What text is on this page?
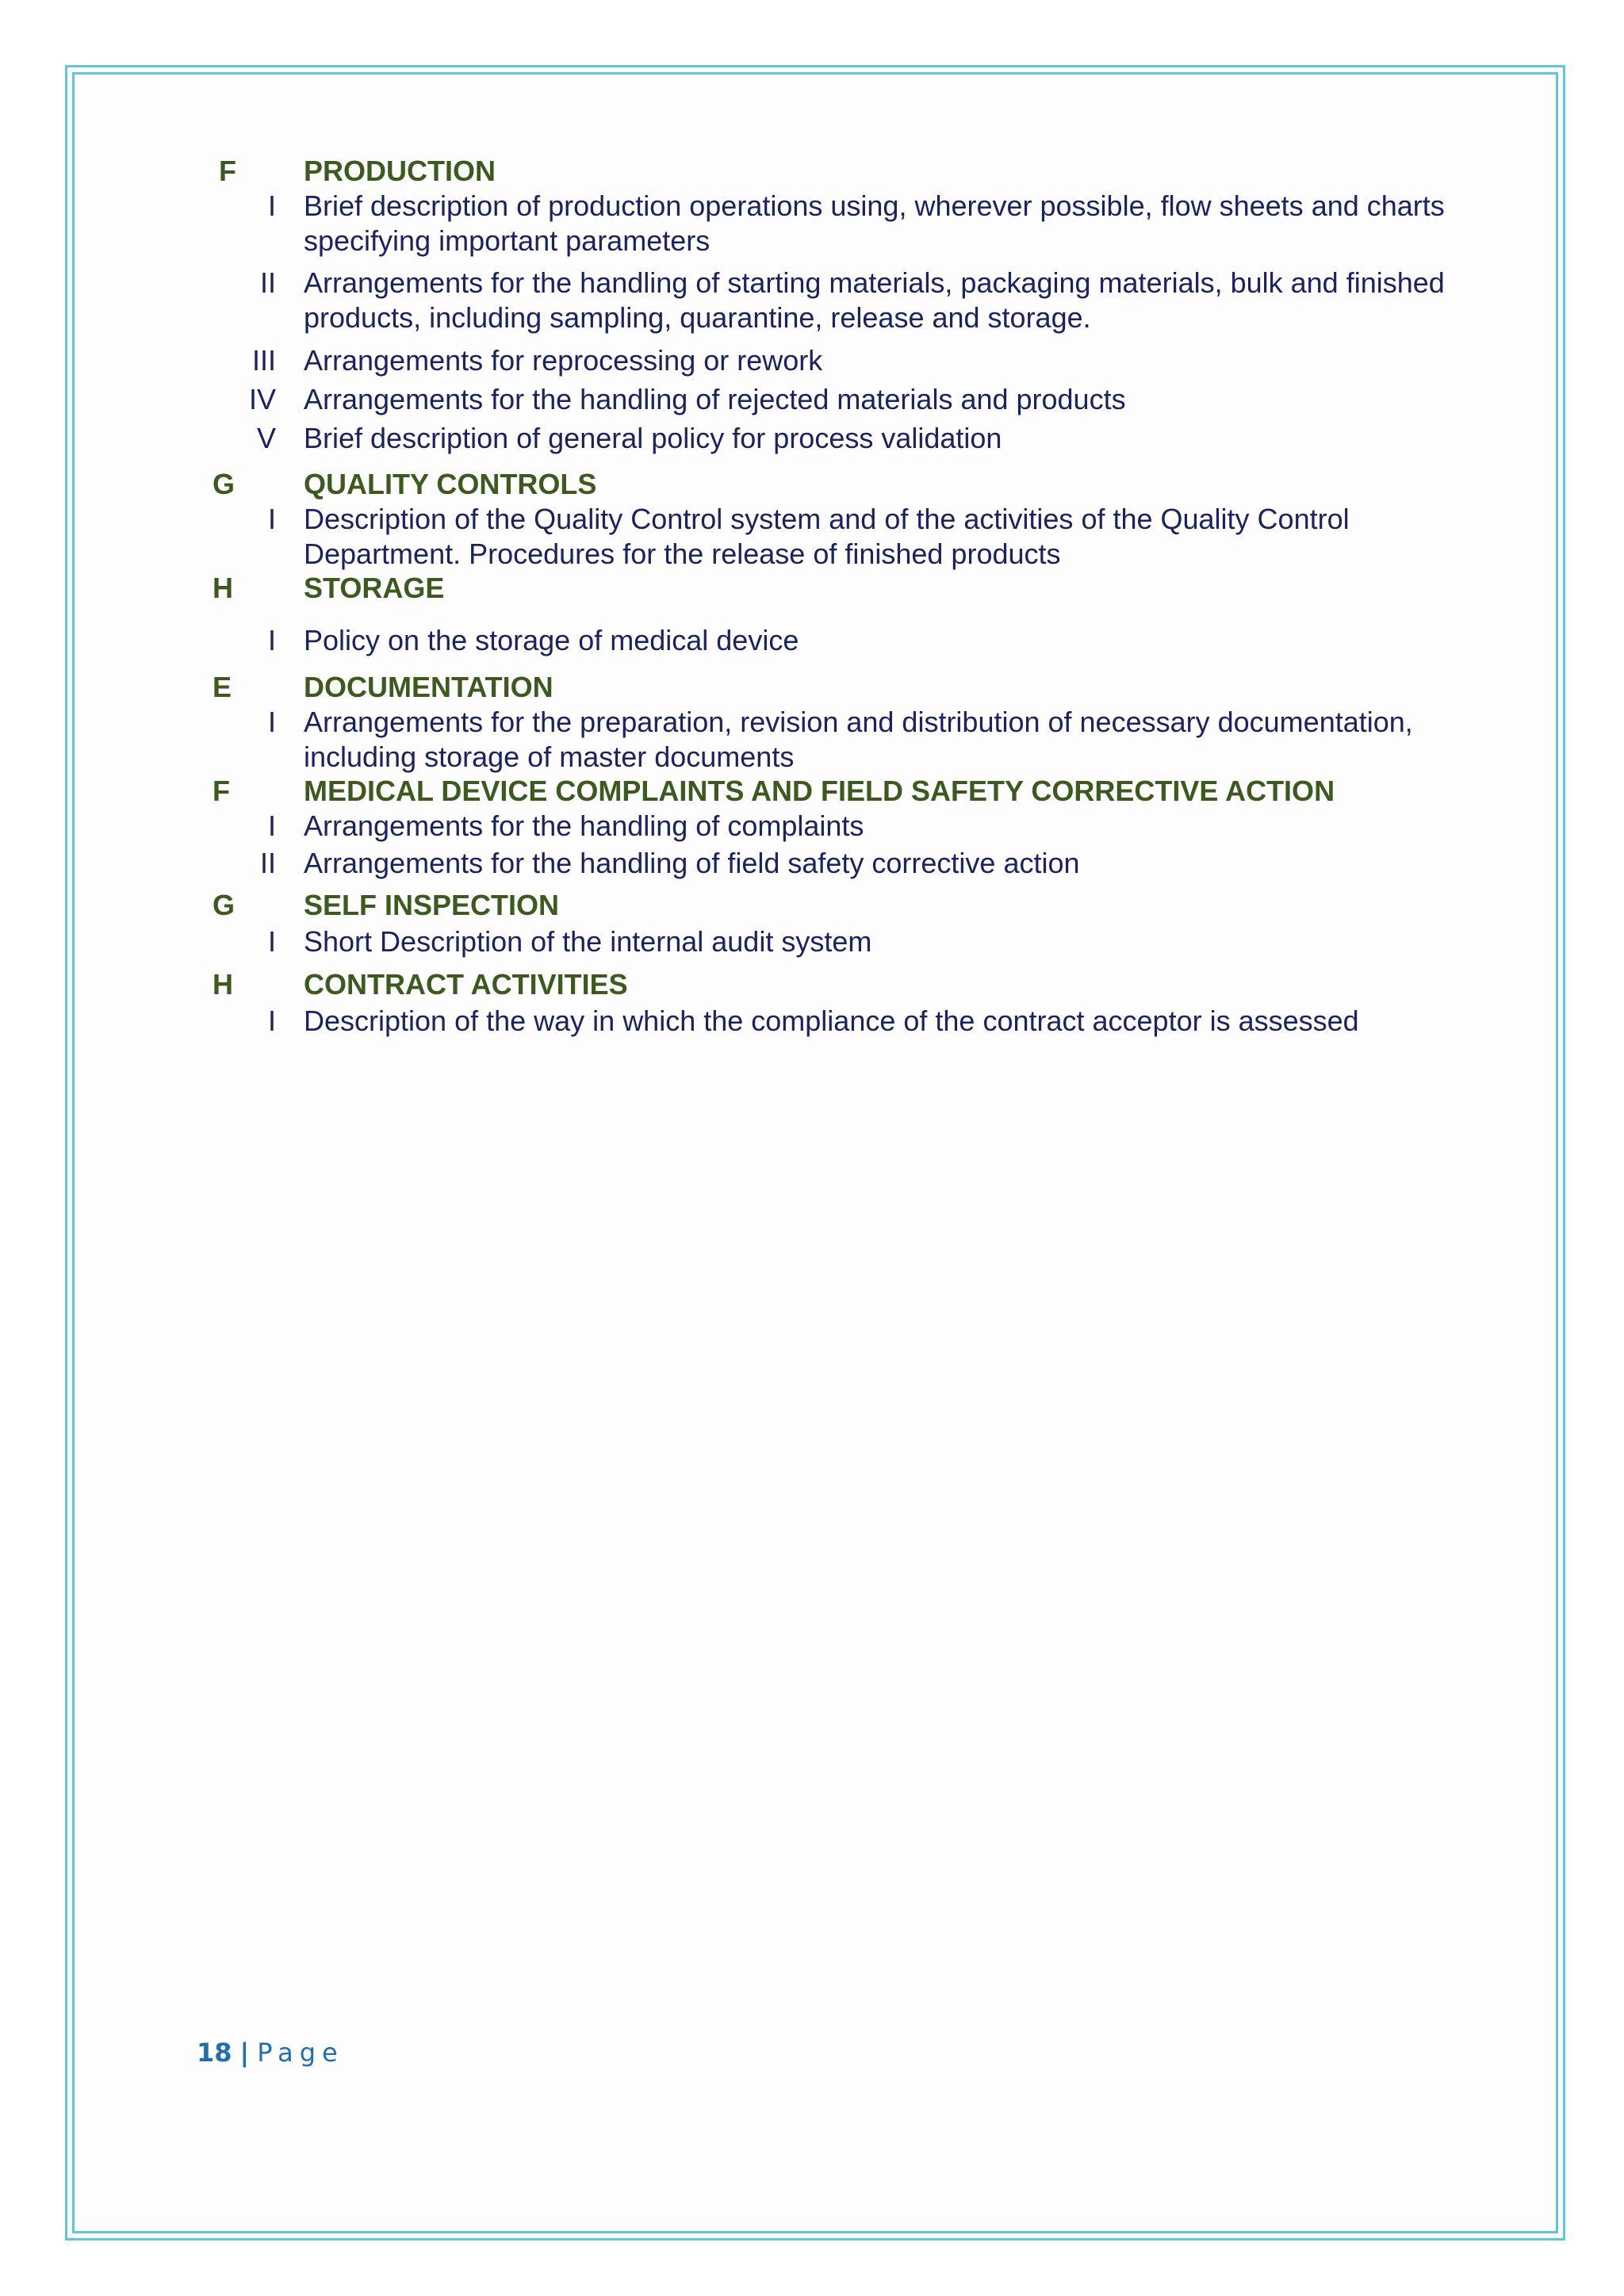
F	PRODUCTION
I Brief description of production operations using, wherever possible, flow sheets and charts specifying important parameters
II Arrangements for the handling of starting materials, packaging materials, bulk and finished products, including sampling, quarantine, release and storage.
III Arrangements for reprocessing or rework
IV Arrangements for the handling of rejected materials and products
V Brief description of general policy for process validation
G	QUALITY CONTROLS
I Description of the Quality Control system and of the activities of the Quality Control Department. Procedures for the release of finished products
H	STORAGE
I Policy on the storage of medical device
E	DOCUMENTATION
I Arrangements for the preparation, revision and distribution of necessary documentation, including storage of master documents
F	MEDICAL DEVICE COMPLAINTS AND FIELD SAFETY CORRECTIVE ACTION
I Arrangements for the handling of complaints
II Arrangements for the handling of field safety corrective action
G	SELF INSPECTION
I Short Description of the internal audit system
H	CONTRACT ACTIVITIES
I Description of the way in which the compliance of the contract acceptor is assessed
18 | Page
